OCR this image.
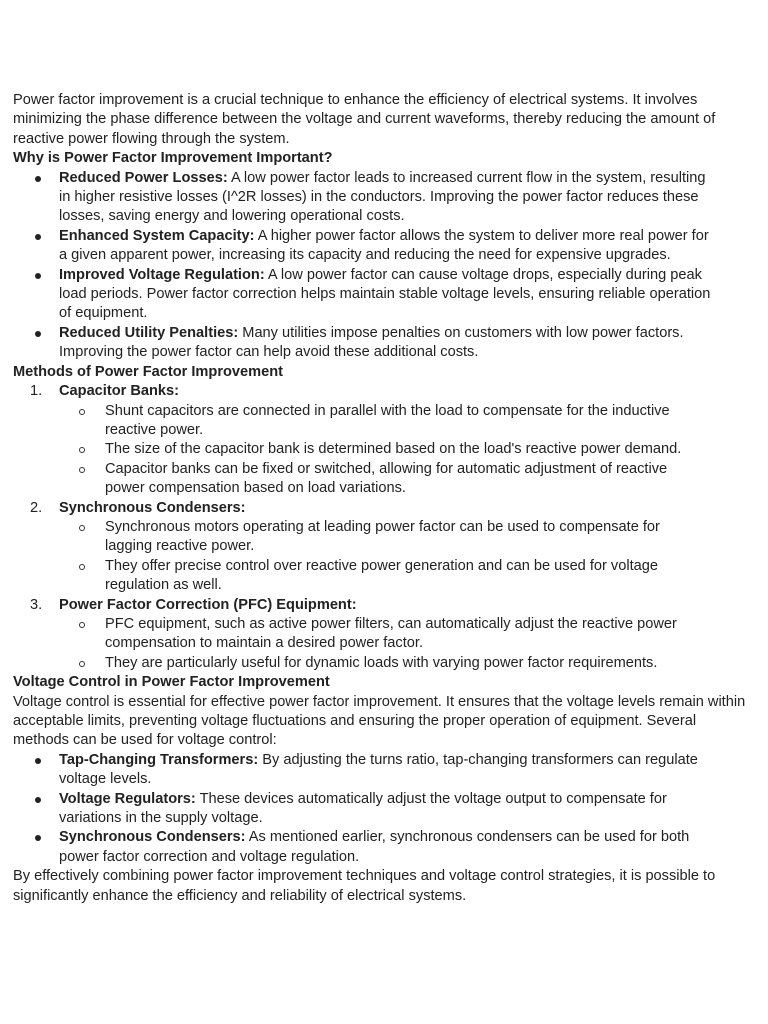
Power factor improvement is a crucial technique to enhance the efficiency of electrical systems. It involves minimizing the phase difference between the voltage and current waveforms, thereby reducing the amount of reactive power flowing through the system.

Why is Power Factor Improvement Important?

Reduced Power Losses: A low power factor leads to increased current flow in the system, resulting in higher resistive losses (I^2R losses) in the conductors. Improving the power factor reduces these losses, saving energy and lowering operational costs.
Enhanced System Capacity: A higher power factor allows the system to deliver more real power for a given apparent power, increasing its capacity and reducing the need for expensive upgrades.
Improved Voltage Regulation: A low power factor can cause voltage drops, especially during peak load periods. Power factor correction helps maintain stable voltage levels, ensuring reliable operation of equipment.
Reduced Utility Penalties: Many utilities impose penalties on customers with low power factors. Improving the power factor can help avoid these additional costs.

Methods of Power Factor Improvement

1. Capacitor Banks:
Shunt capacitors are connected in parallel with the load to compensate for the inductive reactive power.
The size of the capacitor bank is determined based on the load's reactive power demand.
Capacitor banks can be fixed or switched, allowing for automatic adjustment of reactive power compensation based on load variations.
2. Synchronous Condensers:
Synchronous motors operating at leading power factor can be used to compensate for lagging reactive power.
They offer precise control over reactive power generation and can be used for voltage regulation as well.
3. Power Factor Correction (PFC) Equipment:
PFC equipment, such as active power filters, can automatically adjust the reactive power compensation to maintain a desired power factor.
They are particularly useful for dynamic loads with varying power factor requirements.

Voltage Control in Power Factor Improvement

Voltage control is essential for effective power factor improvement. It ensures that the voltage levels remain within acceptable limits, preventing voltage fluctuations and ensuring the proper operation of equipment. Several methods can be used for voltage control:

Tap-Changing Transformers: By adjusting the turns ratio, tap-changing transformers can regulate voltage levels.
Voltage Regulators: These devices automatically adjust the voltage output to compensate for variations in the supply voltage.
Synchronous Condensers: As mentioned earlier, synchronous condensers can be used for both power factor correction and voltage regulation.

By effectively combining power factor improvement techniques and voltage control strategies, it is possible to significantly enhance the efficiency and reliability of electrical systems.
